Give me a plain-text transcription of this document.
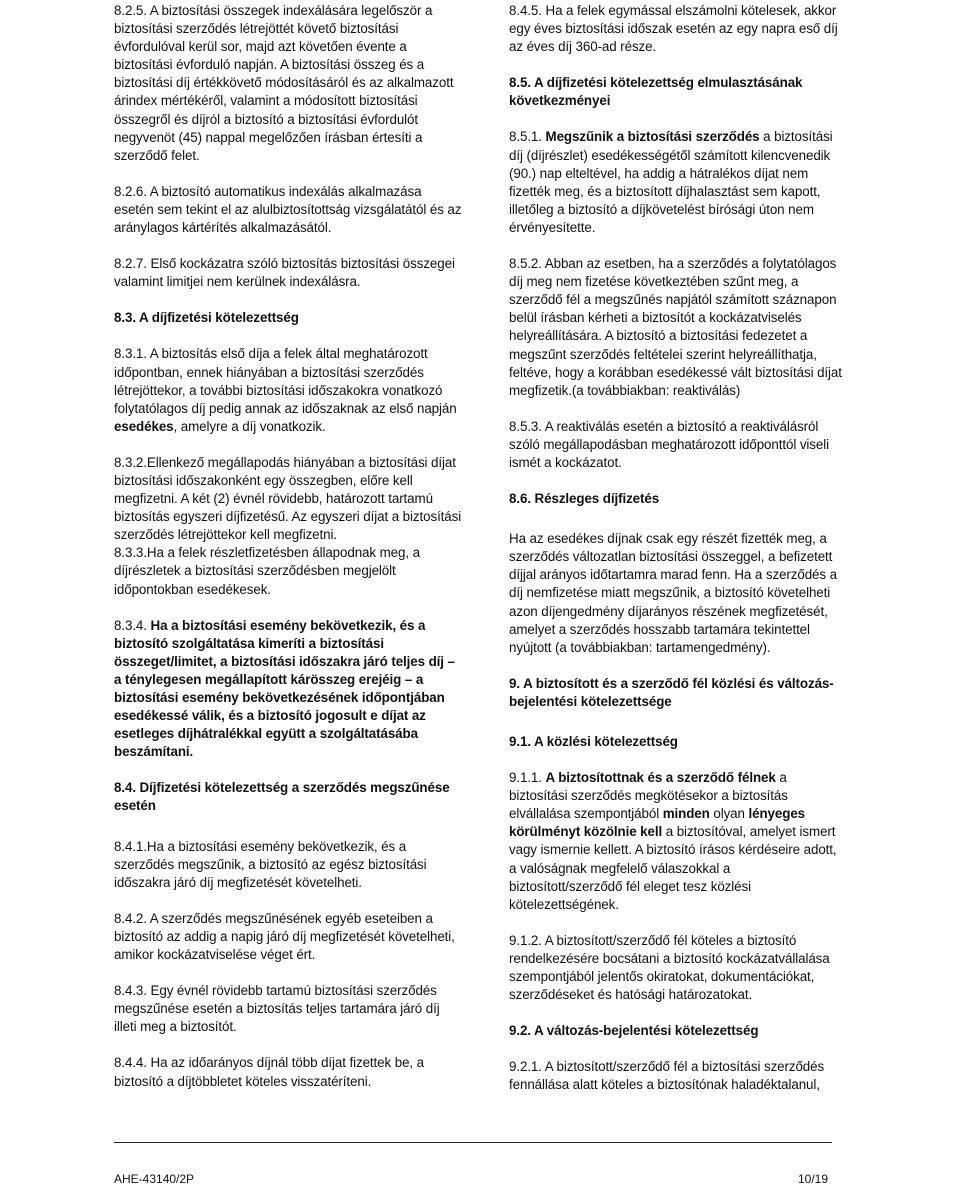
8.2.5. A biztosítási összegek indexálására legelőször a biztosítási szerződés létrejöttét követő biztosítási évfordulóval kerül sor, majd azt követően évente a biztosítási évforduló napján. A biztosítási összeg és a biztosítási díj értékkövető módosításáról és az alkalmazott árindex mértékéről, valamint a módosított biztosítási összegről és díjról a biztosító a biztosítási évfordulót negyvenöt (45) nappal megelőzően írásban értesíti a szerződő felet.

8.2.6. A biztosító automatikus indexálás alkalmazása esetén sem tekint el az alulbiztosítottság vizsgálatától és az aránylagos kártérítés alkalmazásától.

8.2.7. Első kockázatra szóló biztosítás biztosítási összegei valamint limitjei nem kerülnek indexálásra.

8.3. A díjfizetési kötelezettség

8.3.1. A biztosítás első díja a felek által meghatározott időpontban, ennek hiányában a biztosítási szerződés létrejöttekor, a további biztosítási időszakokra vonatkozó folytatólagos díj pedig annak az időszaknak az első napján esedékes, amelyre a díj vonatkozik.

8.3.2.Ellenkező megállapodás hiányában a biztosítási díjat biztosítási időszakonként egy összegben, előre kell megfizetni. A két (2) évnél rövidebb, határozott tartamú biztosítás egyszeri díjfizetésű. Az egyszeri díjat a biztosítási szerződés létrejöttekor kell megfizetni.

8.3.3.Ha a felek részletfizetésben állapodnak meg, a díjrészletek a biztosítási szerződésben megjelölt időpontokban esedékesek.

8.3.4. Ha a biztosítási esemény bekövetkezik, és a biztosító szolgáltatása kimeríti a biztosítási összeget/limitet, a biztosítási időszakra járó teljes díj – a ténylegesen megállapított kárösszeg erejéig – a biztosítási esemény bekövetkezésének időpontjában esedékessé válik, és a biztosító jogosult e díjat az esetleges díjhátralékkal együtt a szolgáltatásába beszámítani.

8.4. Díjfizetési kötelezettség a szerződés megszűnése esetén

8.4.1.Ha a biztosítási esemény bekövetkezik, és a szerződés megszűnik, a biztosító az egész biztosítási időszakra járó díj megfizetését követelheti.

8.4.2. A szerződés megszűnésének egyéb eseteiben a biztosító az addig a napig járó díj megfizetését követelheti, amikor kockázatviselése véget ért.

8.4.3. Egy évnél rövidebb tartamú biztosítási szerződés megszűnése esetén a biztosítás teljes tartamára járó díj illeti meg a biztosítót.

8.4.4. Ha az időarányos díjnál több díjat fizettek be, a biztosító a díjtöbbletet köteles visszatéríteni.

8.4.5. Ha a felek egymással elszámolni kötelesek, akkor egy éves biztosítási időszak esetén az egy napra eső díj az éves díj 360-ad része.

8.5. A díjfizetési kötelezettség elmulasztásának következményei

8.5.1. Megszűnik a biztosítási szerződés a biztosítási díj (díjrészlet) esedékességétől számított kilencvenedik (90.) nap elteltével, ha addig a hátralékos díjat nem fizették meg, és a biztosított díjhalasztást sem kapott, illetőleg a biztosító a díjkövetelést bírósági úton nem érvényesítette.

8.5.2. Abban az esetben, ha a szerződés a folytatólagos díj meg nem fizetése következtében szűnt meg, a szerződő fél a megszűnés napjától számított száznapon belül írásban kérheti a biztosítót a kockázatviselés helyreállítására. A biztosító a biztosítási fedezetet a megszűnt szerződés feltételei szerint helyreállíthatja, feltéve, hogy a korábban esedékessé vált biztosítási díjat megfizetik.(a továbbiakban: reaktiválás)

8.5.3. A reaktiválás esetén a biztosító a reaktiválásról szóló megállapodásban meghatározott időponttól viseli ismét a kockázatot.

8.6. Részleges díjfizetés

Ha az esedékes díjnak csak egy részét fizették meg, a szerződés változatlan biztosítási összeggel, a befizetett díjjal arányos időtartamra marad fenn. Ha a szerződés a díj nemfizetése miatt megszűnik, a biztosító követelheti azon díjengedmény díjarányos részének megfizetését, amelyet a szerződés hosszabb tartamára tekintettel nyújtott (a továbbiakban: tartamengedmény).

9. A biztosított és a szerződő fél közlési és változás-bejelentési kötelezettsége
9.1. A közlési kötelezettség

9.1.1. A biztosítottnak és a szerződő félnek a biztosítási szerződés megkötésekor a biztosítás elvállalása szempontjából minden olyan lényeges körülményt közölnie kell a biztosítóval, amelyet ismert vagy ismernie kellett. A biztosító írásos kérdéseire adott, a valóságnak megfelelő válaszokkal a biztosított/szerződő fél eleget tesz közlési kötelezettségének.

9.1.2. A biztosított/szerződő fél köteles a biztosító rendelkezésére bocsátani a biztosító kockázatvállalása szempontjából jelentős okiratokat, dokumentációkat, szerződéseket és hatósági határozatokat.

9.2. A változás-bejelentési kötelezettség

9.2.1. A biztosított/szerződő fél a biztosítási szerződés fennállása alatt köteles a biztosítónak haladéktalanul,

AHE-43140/2P	10/19
